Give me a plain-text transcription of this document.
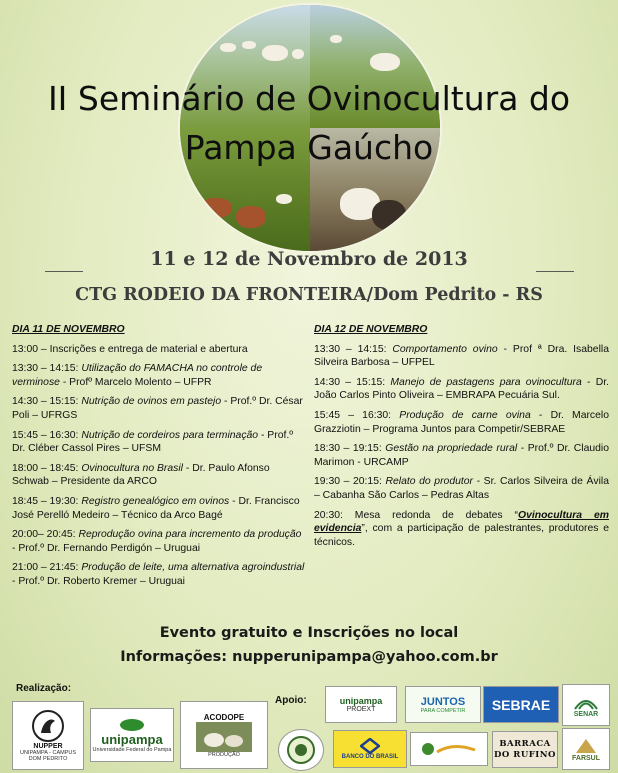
II Seminário de Ovinocultura do
Pampa Gaúcho
11 e 12 de Novembro de 2013
CTG RODEIO DA FRONTEIRA/Dom Pedrito - RS
DIA 11 DE NOVEMBRO
13:00 – Inscrições e entrega de material e abertura
13:30 – 14:15: Utilização do FAMACHA no controle de verminose - Profº Marcelo Molento – UFPR
14:30 – 15:15: Nutrição de ovinos em pastejo - Prof.º Dr. César Poli – UFRGS
15:45 – 16:30: Nutrição de cordeiros para terminação - Prof.º Dr. Cléber Cassol Pires – UFSM
18:00 – 18:45: Ovinocultura no Brasil - Dr. Paulo Afonso Schwab – Presidente da ARCO
18:45 – 19:30: Registro genealógico em ovinos - Dr. Francisco José Perelló Medeiro – Técnico da Arco Bagé
20:00– 20:45: Reprodução ovina para incremento da produção - Prof.º Dr. Fernando Perdigón – Uruguai
21:00 – 21:45: Produção de leite, uma alternativa agroindustrial - Prof.º Dr. Roberto Kremer – Uruguai
DIA 12 DE NOVEMBRO
13:30 – 14:15: Comportamento ovino - Prof ª Dra. Isabella Silveira Barbosa – UFPEL
14:30 – 15:15: Manejo de pastagens para ovinocultura - Dr. João Carlos Pinto Oliveira – EMBRAPA Pecuária Sul.
15:45 – 16:30: Produção de carne ovina - Dr. Marcelo Grazziotin – Programa Juntos para Competir/SEBRAE
18:30 – 19:15: Gestão na propriedade rural - Prof.º Dr. Claudio Marimon - URCAMP
19:30 – 20:15: Relato do produtor - Sr. Carlos Silveira de Ávila – Cabanha São Carlos – Pedras Altas
20:30: Mesa redonda de debates “Ovinocultura em evidencia”, com a participação de palestrantes, produtores e técnicos.
Evento gratuito e Inscrições no local
Informações: nupperunipampa@yahoo.com.br
Realização:
Apoio:
NUPPER
UNIPAMPA - CAMPUS DOM PEDRITO
unipampa
Universidade Federal do Pampa
ACODOPE
PRODUÇÃO
unipampa
PROEXT
JUNTOS
PARA COMPETIR SEBRAE
SENAR
BANCO DO BRASIL
BARRACA DO RUFINO FARSUL
